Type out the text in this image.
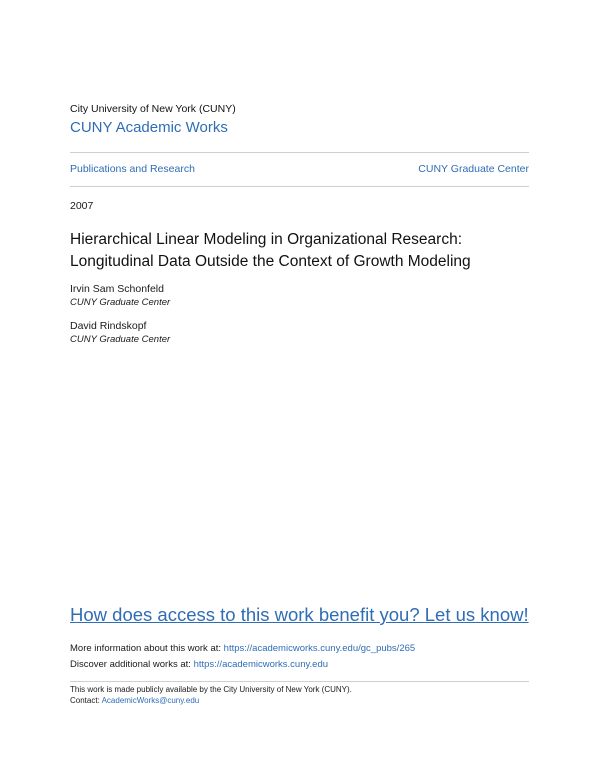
City University of New York (CUNY)
CUNY Academic Works
Publications and Research	CUNY Graduate Center
2007
Hierarchical Linear Modeling in Organizational Research:
Longitudinal Data Outside the Context of Growth Modeling
Irvin Sam Schonfeld
CUNY Graduate Center
David Rindskopf
CUNY Graduate Center
How does access to this work benefit you? Let us know!
More information about this work at: https://academicworks.cuny.edu/gc_pubs/265
Discover additional works at: https://academicworks.cuny.edu
This work is made publicly available by the City University of New York (CUNY).
Contact: AcademicWorks@cuny.edu
